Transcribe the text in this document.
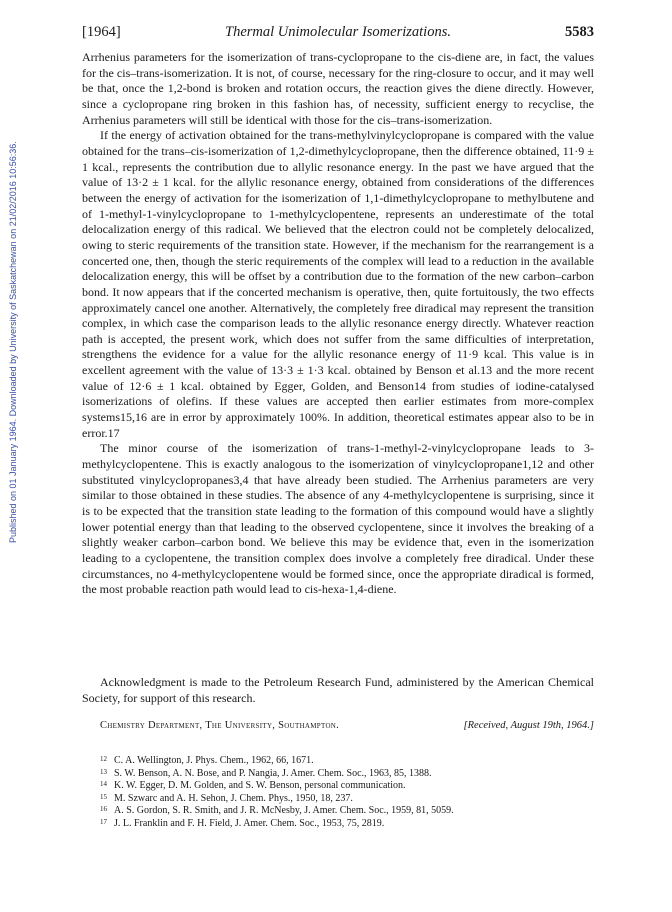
Published on 01 January 1964. Downloaded by University of Saskatchewan on 21/02/2016 10:56:36.
[1964]	Thermal Unimolecular Isomerizations.	5583

Arrhenius parameters for the isomerization of trans-cyclopropane to the cis-diene are, in fact, the values for the cis–trans-isomerization. It is not, of course, necessary for the ring-closure to occur, and it may well be that, once the 1,2-bond is broken and rotation occurs, the reaction gives the diene directly. However, since a cyclopropane ring broken in this fashion has, of necessity, sufficient energy to recyclise, the Arrhenius parameters will still be identical with those for the cis–trans-isomerization.

If the energy of activation obtained for the trans-methylvinylcyclopropane is compared with the value obtained for the trans–cis-isomerization of 1,2-dimethylcyclopropane, then the difference obtained, 11·9 ± 1 kcal., represents the contribution due to allylic resonance energy. In the past we have argued that the value of 13·2 ± 1 kcal. for the allylic resonance energy, obtained from considerations of the differences between the energy of activation for the isomerization of 1,1-dimethylcyclopropane to methylbutene and of 1-methyl-1-vinylcyclopropane to 1-methylcyclopentene, represents an underestimate of the total delocalization energy of this radical. We believed that the electron could not be completely delocalized, owing to steric requirements of the transition state. However, if the mechanism for the rearrangement is a concerted one, then, though the steric requirements of the complex will lead to a reduction in the available delocalization energy, this will be offset by a contribution due to the formation of the new carbon–carbon bond. It now appears that if the concerted mechanism is operative, then, quite fortuitously, the two effects approximately cancel one another. Alternatively, the completely free diradical may represent the transition complex, in which case the comparison leads to the allylic resonance energy directly. Whatever reaction path is accepted, the present work, which does not suffer from the same difficulties of interpretation, strengthens the evidence for a value for the allylic resonance energy of 11·9 kcal. This value is in excellent agreement with the value of 13·3 ± 1·3 kcal. obtained by Benson et al.13 and the more recent value of 12·6 ± 1 kcal. obtained by Egger, Golden, and Benson14 from studies of iodine-catalysed isomerizations of olefins. If these values are accepted then earlier estimates from more-complex systems15,16 are in error by approximately 100%. In addition, theoretical estimates appear also to be in error.17

The minor course of the isomerization of trans-1-methyl-2-vinylcyclopropane leads to 3-methylcyclopentene. This is exactly analogous to the isomerization of vinylcyclopropane1,12 and other substituted vinylcyclopropanes3,4 that have already been studied. The Arrhenius parameters are very similar to those obtained in these studies. The absence of any 4-methylcyclopentene is surprising, since it is to be expected that the transition state leading to the formation of this compound would have a slightly lower potential energy than that leading to the observed cyclopentene, since it involves the breaking of a slightly weaker carbon–carbon bond. We believe this may be evidence that, even in the isomerization leading to a cyclopentene, the transition complex does involve a completely free diradical. Under these circumstances, no 4-methylcyclopentene would be formed since, once the appropriate diradical is formed, the most probable reaction path would lead to cis-hexa-1,4-diene.

Acknowledgment is made to the Petroleum Research Fund, administered by the American Chemical Society, for support of this research.

Chemistry Department, The University, Southampton.	[Received, August 19th, 1964.]
12 C. A. Wellington, J. Phys. Chem., 1962, 66, 1671.
13 S. W. Benson, A. N. Bose, and P. Nangia, J. Amer. Chem. Soc., 1963, 85, 1388.
14 K. W. Egger, D. M. Golden, and S. W. Benson, personal communication.
15 M. Szwarc and A. H. Sehon, J. Chem. Phys., 1950, 18, 237.
16 A. S. Gordon, S. R. Smith, and J. R. McNesby, J. Amer. Chem. Soc., 1959, 81, 5059.
17 J. L. Franklin and F. H. Field, J. Amer. Chem. Soc., 1953, 75, 2819.
